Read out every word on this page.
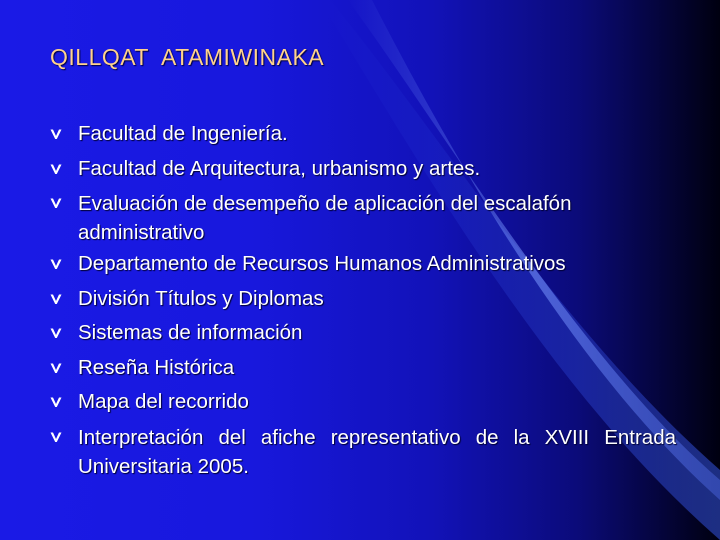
QILLQAT  ATAMIWINAKA
Facultad de Ingeniería.
Facultad de Arquitectura, urbanismo y artes.
Evaluación de desempeño de aplicación del escalafón administrativo
Departamento de Recursos Humanos Administrativos
División Títulos y Diplomas
Sistemas de información
Reseña Histórica
Mapa del recorrido
Interpretación del afiche representativo de la XVIII Entrada Universitaria 2005.
